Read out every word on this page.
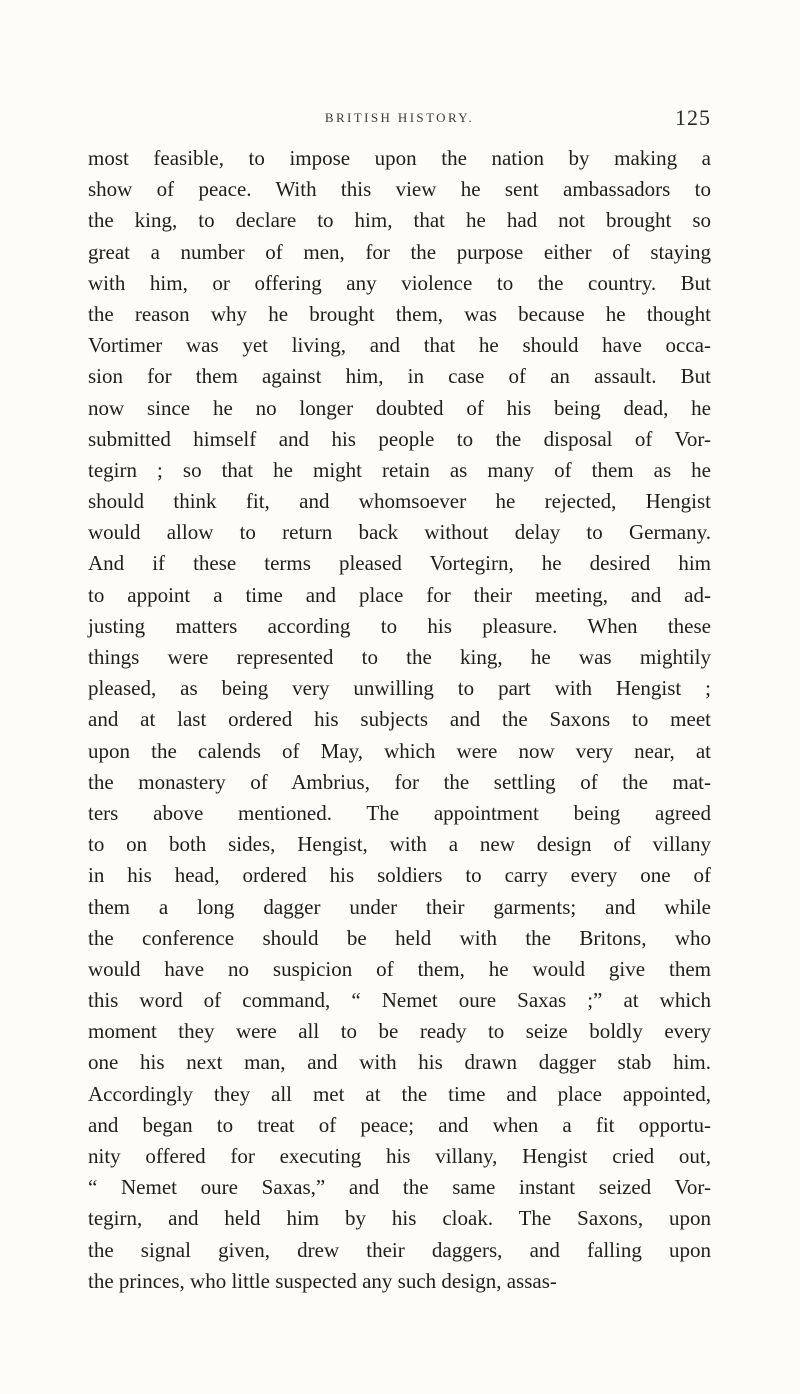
BRITISH HISTORY.	125
most feasible, to impose upon the nation by making a
show of peace. With this view he sent ambassadors to
the king, to declare to him, that he had not brought so
great a number of men, for the purpose either of staying
with him, or offering any violence to the country. But
the reason why he brought them, was because he thought
Vortimer was yet living, and that he should have occa-
sion for them against him, in case of an assault. But
now since he no longer doubted of his being dead, he
submitted himself and his people to the disposal of Vor-
tegirn ; so that he might retain as many of them as he
should think fit, and whomsoever he rejected, Hengist
would allow to return back without delay to Germany.
And if these terms pleased Vortegirn, he desired him
to appoint a time and place for their meeting, and ad-
justing matters according to his pleasure. When these
things were represented to the king, he was mightily
pleased, as being very unwilling to part with Hengist ;
and at last ordered his subjects and the Saxons to meet
upon the calends of May, which were now very near, at
the monastery of Ambrius, for the settling of the mat-
ters above mentioned. The appointment being agreed
to on both sides, Hengist, with a new design of villany
in his head, ordered his soldiers to carry every one of
them a long dagger under their garments; and while
the conference should be held with the Britons, who
would have no suspicion of them, he would give them
this word of command, “ Nemet oure Saxas ;” at which
moment they were all to be ready to seize boldly every
one his next man, and with his drawn dagger stab him.
Accordingly they all met at the time and place appointed,
and began to treat of peace; and when a fit opportu-
nity offered for executing his villany, Hengist cried out,
“ Nemet oure Saxas,” and the same instant seized Vor-
tegirn, and held him by his cloak. The Saxons, upon
the signal given, drew their daggers, and falling upon
the princes, who little suspected any such design, assas-
